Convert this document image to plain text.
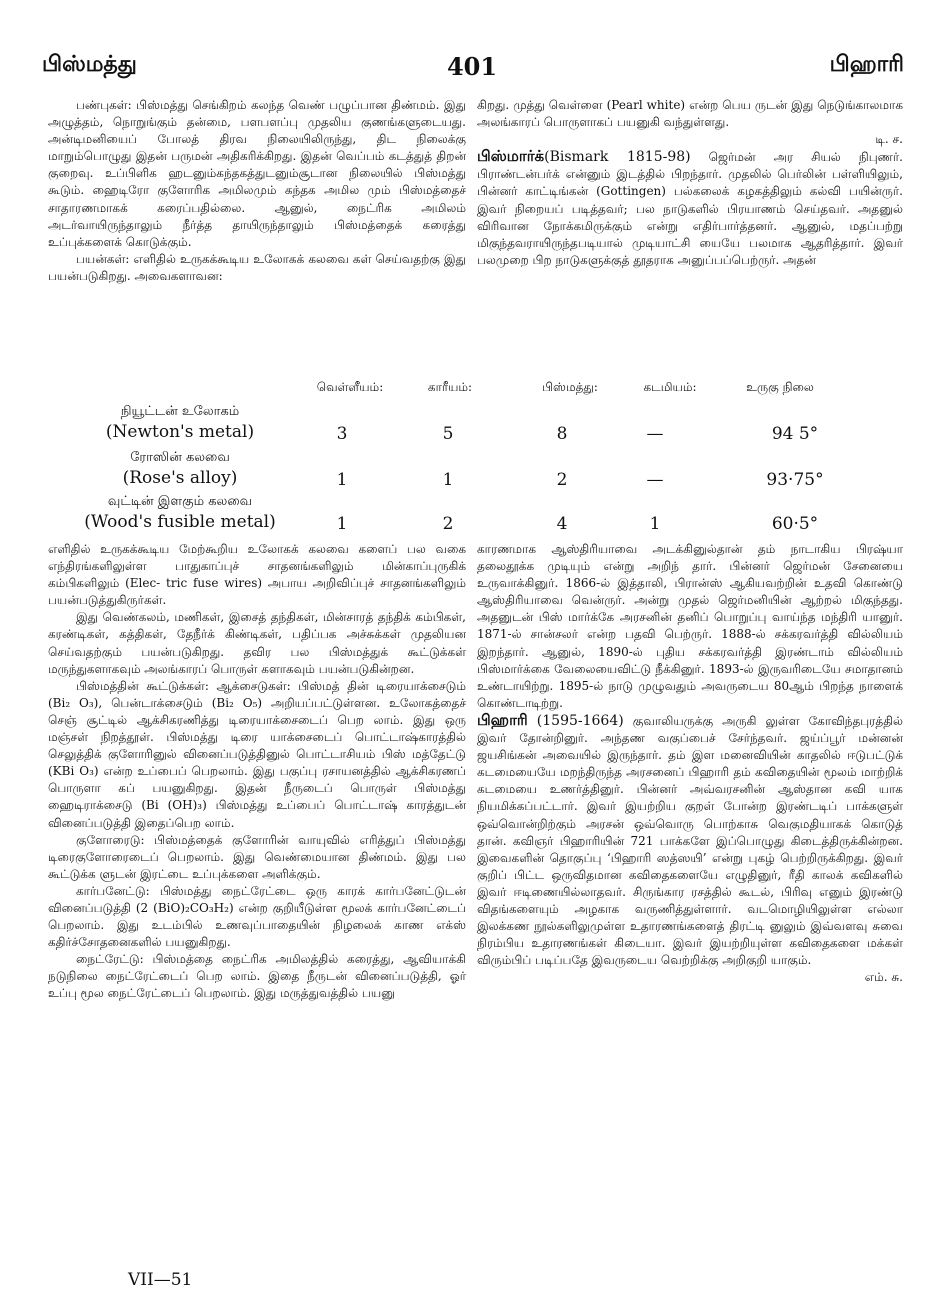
பிஸ்மத்து	401	பிஹாரி

பண்புகள்: பிஸ்மத்து செங்கிறம் கலந்த வெண் பழுப்பான திண்மம். இது அழுத்தம், நொறுங்கும் தன்மை, பளபளப்பு முதலிய குணங்களுடையது. அன்டிமனியைப் போலத் திரவ நிலையிலிருந்து, திட நிலைக்கு மாறும்பொழுது இதன் பருமன் அதிகரிக்கிறது. இதன் வெப்பம் கடத்துத் திறன் குறைவு. உப்பிளிக ஹடனும்கந்தகத்துடனும்சூடான நிலையில் பிஸ்மத்து கூடும். ஹைடிரோ குளோரிக அமிலமும் கந்தக அமில மும் பிஸ்மத்தைச் சாதாரணமாகக் கரைப்பதில்லை. ஆனுல், நைட்ரிக அமிலம் அடர்வாயிருந்தாலும் நீர்த்த தாயிருந்தாலும் பிஸ்மத்தைக் கரைத்து உப்புக்களைக் கொடுக்கும்.

பயன்கள்: எளிதில் உருகக்கூடிய உலோகக் கலவை கள் செய்வதற்கு இது பயன்படுகிறது. அவைகளாவன:

கிறது. முத்து வெள்ளை (Pearl white) என்ற பெய ருடன் இது நெடுங்காலமாக அலங்காரப் பொருளாகப் பயனுகி வந்துள்ளது.

டி. ச.

பிஸ்மார்க்(Bismark 1815-98) ஜெர்மன் அர சியல் நிபுணர். பிராண்டன்பர்க் என்னும் இடத்தில் பிறந்தார். முதலில் பெர்லின் பள்ளியிலும், பின்னர் காட்டிங்கன் (Gottingen) பல்கலைக் கழகத்திலும் கல்வி பயின்ருர். இவர் நிறையப் படித்தவர்; பல நாடுகளில் பிரயாணம் செய்தவர். அதனுல் விரிவான நோக்கமிருக்கும் என்று எதிர்பார்த்தனர். ஆனுல், மதப்பற்று மிகுந்தவராயிருந்தபடியால் முடியாட்சி யையே பலமாக ஆதரித்தார். இவர் பலமுறை பிற நாடுகளுக்குத் தூதராக அனுப்பப்பெற்ருர். அதன்

வெள்ளீயம்:	காரீயம்:	பிஸ்மத்து:	கடமியம்:	உருகு நிலை
நியூட்டன் உலோகம்
(Newton's metal)	3	5	8	—	94 5°
ரோஸின் கலவை
(Rose's alloy)	1	1	2	—	93·75°
வுட்டின் இளகும் கலவை
(Wood's fusible metal)	1	2	4	1	60·5°

எளிதில் உருகக்கூடிய மேற்கூறிய உலோகக் கலவை களைப் பல வகை எந்திரங்களிலுள்ள பாதுகாப்புச் சாதனங்களிலும் மின்காப்புருகிக் கம்பிகளிலும் (Elec- tric fuse wires) அபாய அறிவிப்புச் சாதனங்களிலும் பயன்படுத்துகிருர்கள்.

இது வெண்கலம், மணிகள், இசைத் தந்திகள், மின்சாரத் தந்திக் கம்பிகள், கரண்டிகள், கத்திகள், தேநீர்க் கிண்டிகள், பதிப்பக அச்சுக்கள் முதலியன செய்வதற்கும் பயன்படுகிறது. தவிர பல பிஸ்மத்துக் கூட்டுக்கள் மருந்துகளாகவும் அலங்காரப் பொருள் களாகவும் பயன்படுகின்றன.

பிஸ்மத்தின் கூட்டுக்கள்: ஆக்சைடுகள்: பிஸ்மத் தின் டிரையாக்சைடும் (Bi₂ O₃), பென்டாக்சைடும் (Bi₂ O₅) அறியப்பட்டுள்ளன. உலோகத்தைச் செஞ் சூட்டில் ஆக்சிகரணித்து டிரையாக்சைடைப் பெற லாம். இது ஒரு மஞ்சள் நிறத்தூள். பிஸ்மத்து டிரை யாக்சைடைப் பொட்டாஷ்காரத்தில் செலுத்திக் குளோரினுல் வினைப்படுத்தினுல் பொட்டாசியம் பிஸ் மத்தேட்டு (KBi O₃) என்ற உப்பைப் பெறலாம். இது பகுப்பு ரசாயனத்தில் ஆக்சிகரணப் பொருளா கப் பயனுகிறது. இதன் நீருடைப் பொருள் பிஸ்மத்து ஹைடிராக்சைடு (Bi (OH)₃) பிஸ்மத்து உப்பைப் பொட்டாஷ் காரத்துடன் வினைப்படுத்தி இதைப்பெற லாம்.

குளோரைடு: பிஸ்மத்தைக் குளோரின் வாயுவில் எரித்துப் பிஸ்மத்து டிரைகுளோரைடைப் பெறலாம். இது வெண்மையான திண்மம். இது பல கூட்டுக்க ளுடன் இரட்டை உப்புக்களை அளிக்கும்.

கார்பனேட்டு: பிஸ்மத்து நைட்ரேட்டை ஒரு காரக் கார்பனேட்டுடன் வினைப்படுத்தி (2 (BiO)₂CO₃H₂) என்ற குறியீடுள்ள மூலக் கார்பனேட்டைப் பெறலாம். இது உடம்பில் உணவுப்பாதையின் நிழலைக் காண எக்ஸ் கதிர்ச்சோதனைகளில் பயனுகிறது.

நைட்ரேட்டு: பிஸ்மத்தை நைட்ரிக அமிலத்தில் கரைத்து, ஆவியாக்கி நடுநிலை நைட்ரேட்டைப் பெற லாம். இதை நீருடன் வினைப்படுத்தி, ஓர் உப்பு மூல நைட்ரேட்டைப் பெறலாம். இது மருத்துவத்தில் பயனு

காரணமாக ஆஸ்திரியாவை அடக்கினுல்தான் தம் நாடாகிய பிரஷ்யா தலைதூக்க முடியும் என்று அறிந் தார். பின்னர் ஜெர்மன் சேனையை உருவாக்கினுர். 1866-ல் இத்தாலி, பிரான்ஸ் ஆகியவற்றின் உதவி கொண்டு ஆஸ்திரியாவை வென்ருர். அன்று முதல் ஜெர்மனியின் ஆற்றல் மிகுந்தது. அதனுடன் பிஸ் மார்க்கே அரசனின் தனிப் பொறுப்பு வாய்ந்த மந்திரி யானுர். 1871-ல் சான்சலர் என்ற பதவி பெற்ருர். 1888-ல் சக்கரவர்த்தி வில்லியம் இறந்தார். ஆனுல், 1890-ல் புதிய சக்கரவர்த்தி இரண்டாம் வில்லியம் பிஸ்மார்க்கை வேலையைவிட்டு நீக்கினுர். 1893-ல் இருவரிடையே சமாதானம் உண்டாயிற்று. 1895-ல் நாடு முழுவதும் அவருடைய 80ஆம் பிறந்த நாளைக் கொண்டாடிற்று.

பிஹாரி (1595-1664) குவாலியருக்கு அருகி லுள்ள கோவிந்தபுரத்தில் இவர் தோன்றினுர். அந்தண வகுப்பைச் சேர்ந்தவர். ஜய்ப்பூர் மன்னன் ஜயசிங்கன் அவையில் இருந்தார். தம் இள மனைவியின் காதலில் ஈடுபட்டுக் கடமையையே மறந்திருந்த அரசனைப் பிஹாரி தம் கவிதையின் மூலம் மாற்றிக் கடமையை உணர்த்தினுர். பின்னர் அவ்வரசனின் ஆஸ்தான கவி யாக நியமிக்கப்பட்டார். இவர் இயற்றிய குறள் போன்ற இரண்டடிப் பாக்களுள் ஒவ்வொன்றிற்கும் அரசன் ஒவ்வொரு பொற்காசு வெகுமதியாகக் கொடுத் தான். கவிஞர் பிஹாரியின் 721 பாக்களே இப்பொழுது கிடைத்திருக்கின்றன. இவைகளின் தொகுப்பு ‘பிஹாரி ஸத்ஸயி’ என்று புகழ் பெற்றிருக்கிறது. இவர் குறிப் பிட்ட ஒருவிதமான கவிதைகளையே எழுதினுர், ரீதி காலக் கவிகளில் இவர் ஈடிணையில்லாதவர். சிருங்கார ரசத்தில் கூடல், பிரிவு எனும் இரண்டு விதங்களையும் அழகாக வருணித்துள்ளார். வடமொழியிலுள்ள எல்லா இலக்கண நூல்களிலுமுள்ள உதாரணங்களைத் திரட்டி னுலும் இவ்வளவு சுவை நிரம்பிய உதாரணங்கள் கிடையா. இவர் இயற்றியுள்ள கவிதைகளை மக்கள் விரும்பிப் படிப்பதே இவருடைய வெற்றிக்கு அறிகுறி யாகும்.

எம். சு.
VII—51
